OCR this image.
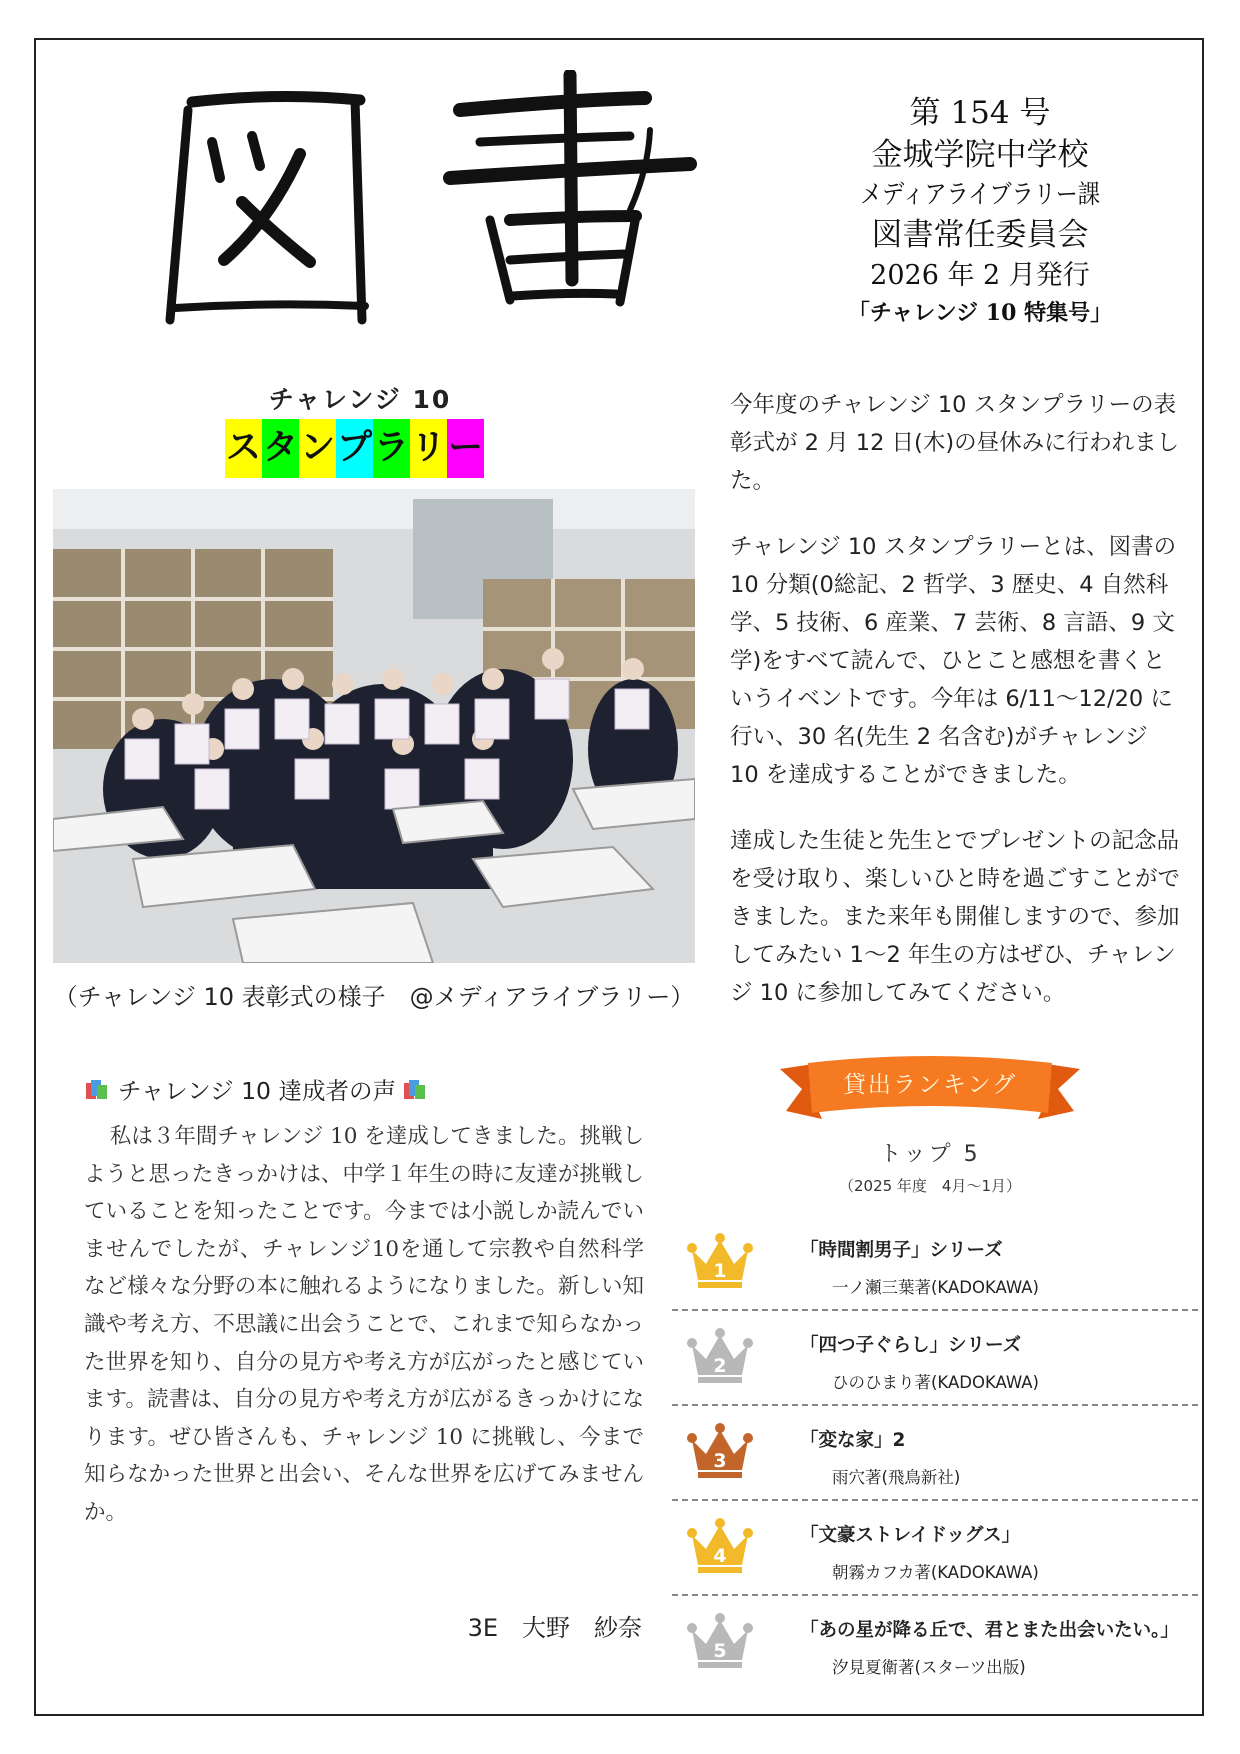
第 154 号
金城学院中学校
メディアライブラリー課
図書常任委員会
2026 年 2 月発行
「チャレンジ 10 特集号」
チャレンジ 10
ス タ ン プ ラ リ ー
（チャレンジ 10 表彰式の様子　@メディアライブラリー）

今年度のチャレンジ 10 スタンプラリーの表彰式が 2 月 12 日(木)の昼休みに行われました。

チャレンジ 10 スタンプラリーとは、図書の 10 分類(0総記、2 哲学、3 歴史、4 自然科学、5 技術、6 産業、7 芸術、8 言語、9 文学)をすべて読んで、ひとこと感想を書くというイベントです。今年は 6/11～12/20 に行い、30 名(先生 2 名含む)がチャレンジ 10 を達成することができました。

達成した生徒と先生とでプレゼントの記念品を受け取り、楽しいひと時を過ごすことができました。また来年も開催しますので、参加してみたい 1～2 年生の方はぜひ、チャレンジ 10 に参加してみてください。

チャレンジ 10 達成者の声
私は３年間チャレンジ 10 を達成してきました。挑戦しようと思ったきっかけは、中学１年生の時に友達が挑戦していることを知ったことです。今までは小説しか読んでいませんでしたが、チャレンジ10を通して宗教や自然科学など様々な分野の本に触れるようになりました。新しい知識や考え方、不思議に出会うことで、これまで知らなかった世界を知り、自分の見方や考え方が広がったと感じています。読書は、自分の見方や考え方が広がるきっかけになります。ぜひ皆さんも、チャレンジ 10 に挑戦し、今まで知らなかった世界と出会い、そんな世界を広げてみませんか。
3E　大野　紗奈
貸出ランキング
トップ 5
（2025 年度　4月～1月）
1
「時間割男子」シリーズ
一ノ瀬三葉著(KADOKAWA)
2
「四つ子ぐらし」シリーズ
ひのひまり著(KADOKAWA)
3
「変な家」2
雨穴著(飛鳥新社)
4
「文豪ストレイドッグス」
朝霧カフカ著(KADOKAWA)
5
「あの星が降る丘で、君とまた出会いたい。」
汐見夏衛著(スターツ出版)
